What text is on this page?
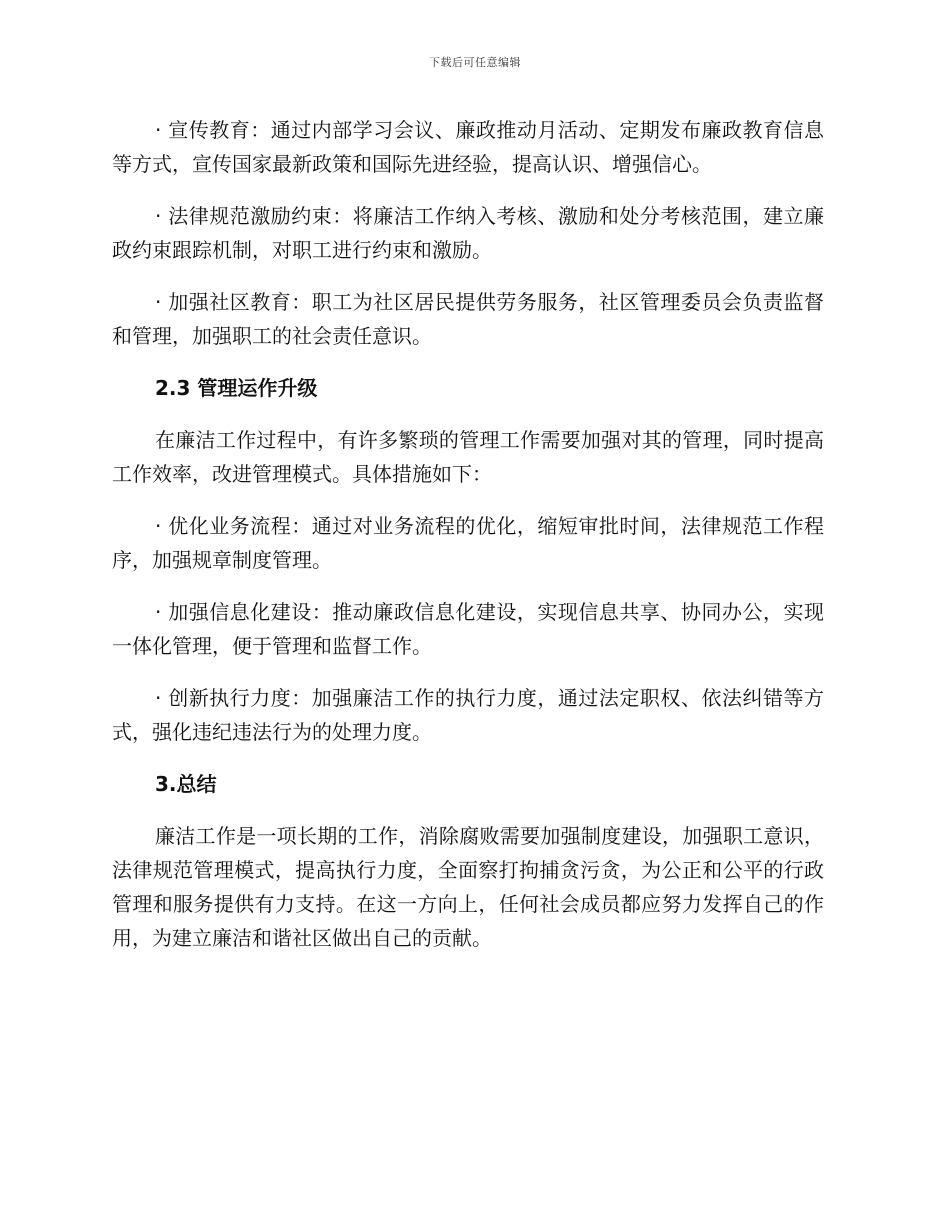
下载后可任意编辑

· 宣传教育：通过内部学习会议、廉政推动月活动、定期发布廉政教育信息等方式，宣传国家最新政策和国际先进经验，提高认识、增强信心。

· 法律规范激励约束：将廉洁工作纳入考核、激励和处分考核范围，建立廉政约束跟踪机制，对职工进行约束和激励。

· 加强社区教育：职工为社区居民提供劳务服务，社区管理委员会负责监督和管理，加强职工的社会责任意识。

2.3 管理运作升级

在廉洁工作过程中，有许多繁琐的管理工作需要加强对其的管理，同时提高工作效率，改进管理模式。具体措施如下：

· 优化业务流程：通过对业务流程的优化，缩短审批时间，法律规范工作程序，加强规章制度管理。

· 加强信息化建设：推动廉政信息化建设，实现信息共享、协同办公，实现一体化管理，便于管理和监督工作。

· 创新执行力度：加强廉洁工作的执行力度，通过法定职权、依法纠错等方式，强化违纪违法行为的处理力度。

3.总结

廉洁工作是一项长期的工作，消除腐败需要加强制度建设，加强职工意识，法律规范管理模式，提高执行力度，全面察打拘捕贪污贪，为公正和公平的行政管理和服务提供有力支持。在这一方向上，任何社会成员都应努力发挥自己的作用，为建立廉洁和谐社区做出自己的贡献。
